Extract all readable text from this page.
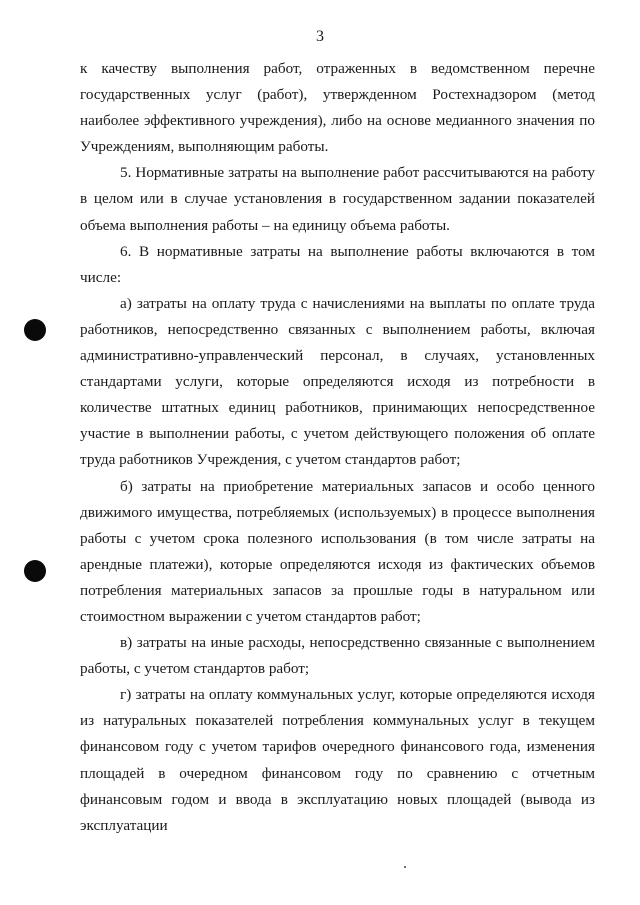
3

к качеству выполнения работ, отраженных в ведомственном перечне государственных услуг (работ), утвержденном Ростехнадзором (метод наиболее эффективного учреждения), либо на основе медианного значения по Учреждениям, выполняющим работы.

5. Нормативные затраты на выполнение работ рассчитываются на работу в целом или в случае установления в государственном задании показателей объема выполнения работы – на единицу объема работы.

6. В нормативные затраты на выполнение работы включаются в том числе:

а) затраты на оплату труда с начислениями на выплаты по оплате труда работников, непосредственно связанных с выполнением работы, включая административно-управленческий персонал, в случаях, установленных стандартами услуги, которые определяются исходя из потребности в количестве штатных единиц работников, принимающих непосредственное участие в выполнении работы, с учетом действующего положения об оплате труда работников Учреждения, с учетом стандартов работ;

б) затраты на приобретение материальных запасов и особо ценного движимого имущества, потребляемых (используемых) в процессе выполнения работы с учетом срока полезного использования (в том числе затраты на арендные платежи), которые определяются исходя из фактических объемов потребления материальных запасов за прошлые годы в натуральном или стоимостном выражении с учетом стандартов работ;

в) затраты на иные расходы, непосредственно связанные с выполнением работы, с учетом стандартов работ;

г) затраты на оплату коммунальных услуг, которые определяются исходя из натуральных показателей потребления коммунальных услуг в текущем финансовом году с учетом тарифов очередного финансового года, изменения площадей в очередном финансовом году по сравнению с отчетным финансовым годом и ввода в эксплуатацию новых площадей (вывода из эксплуатации
